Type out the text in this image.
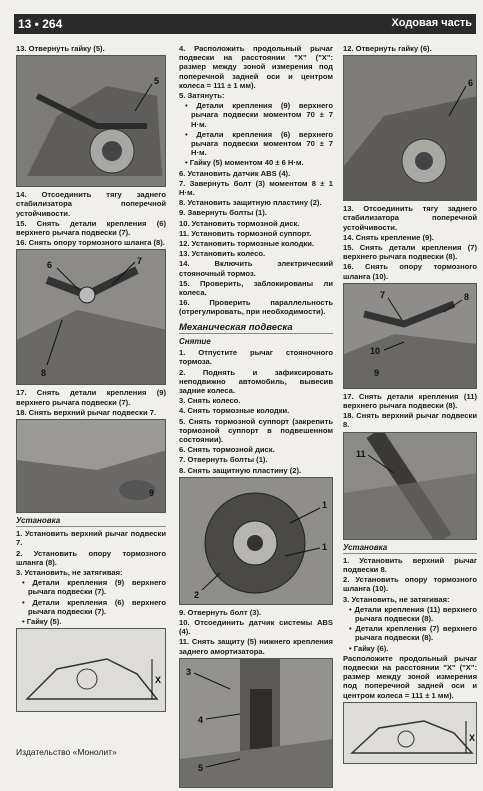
13 • 264	Ходовая часть

13. Отвернуть гайку (5).

5

14. Отсоединить тягу заднего стабилизатора поперечной устойчивости.

15. Снять детали крепления (6) верхнего рычага подвески (7).

16. Снять опору тормозного шланга (8).

6	7
8

17. Снять детали крепления (9) верхнего рычага подвески (7).

18. Снять верхний рычаг подвески 7.

9
Установка

1. Установить верхний рычаг подвески 7.

2. Установить опору тормозного шланга (8).

3. Установить, не затягивая:

• Детали крепления (9) верхнего рычага подвески (7).

• Детали крепления (6) верхнего рычага подвески (7).

• Гайку (5).

X

4. Расположить продольный рычаг подвески на расстоянии "X" ("X": размер между зоной измерения под поперечной задней оси и центром колеса = 111 ± 1 мм).

5. Затянуть:

• Детали крепления (9) верхнего рычага подвески моментом 70 ± 7 Н·м.

• Детали крепления (6) верхнего рычага подвески моментом 70 ± 7 Н·м.

• Гайку (5) моментом 40 ± 6 Н·м.

6. Установить датчик ABS (4).

7. Завернуть болт (3) моментом 8 ± 1 Н·м.

8. Установить защитную пластину (2).

9. Завернуть болты (1).

10. Установить тормозной диск.

11. Установить тормозной суппорт.

12. Установить тормозные колодки.

13. Установить колесо.

14. Включить электрический стояночный тормоз.

15. Проверить, заблокированы ли колеса.

16. Проверить параллельность (отрегулировать, при необходимости).

Механическая подвеска
Снятие

1. Отпустите рычаг стояночного тормоза.

2. Поднять и зафиксировать неподвижно автомобиль, вывесив задние колеса.

3. Снять колесо.

4. Снять тормозные колодки.

5. Снять тормозной суппорт (закрепить тормозной суппорт в подвешенном состоянии).

6. Снять тормозной диск.

7. Отвернуть болты (1).

8. Снять защитную пластину (2).

1
1
2

9. Отвернуть болт (3).

10. Отсоединить датчик системы ABS (4).

11. Снять защиту (5) нижнего крепления заднего амортизатора.

3
4
5

12. Отвернуть гайку (6).

6

13. Отсоединить тягу заднего стабилизатора поперечной устойчивости.

14. Снять крепление (9).

15. Снять детали крепления (7) верхнего рычага подвески (8).

16. Снять опору тормозного шланга (10).

7	8
10
9

17. Снять детали крепления (11) верхнего рычага подвески (8).

18. Снять верхний рычаг подвески 8.

11
Установка

1. Установить верхний рычаг подвески 8.

2. Установить опору тормозного шланга (10).

3. Установить, не затягивая:

• Детали крепления (11) верхнего рычага подвески (8).

• Детали крепления (7) верхнего рычага подвески (8).

• Гайку (6).

Расположите продольный рычаг подвески на расстоянии "X" ("X": размер между зоной измерения под поперечной задней оси и центром колеса = 111 ± 1 мм).

X
Издательство «Монолит»
